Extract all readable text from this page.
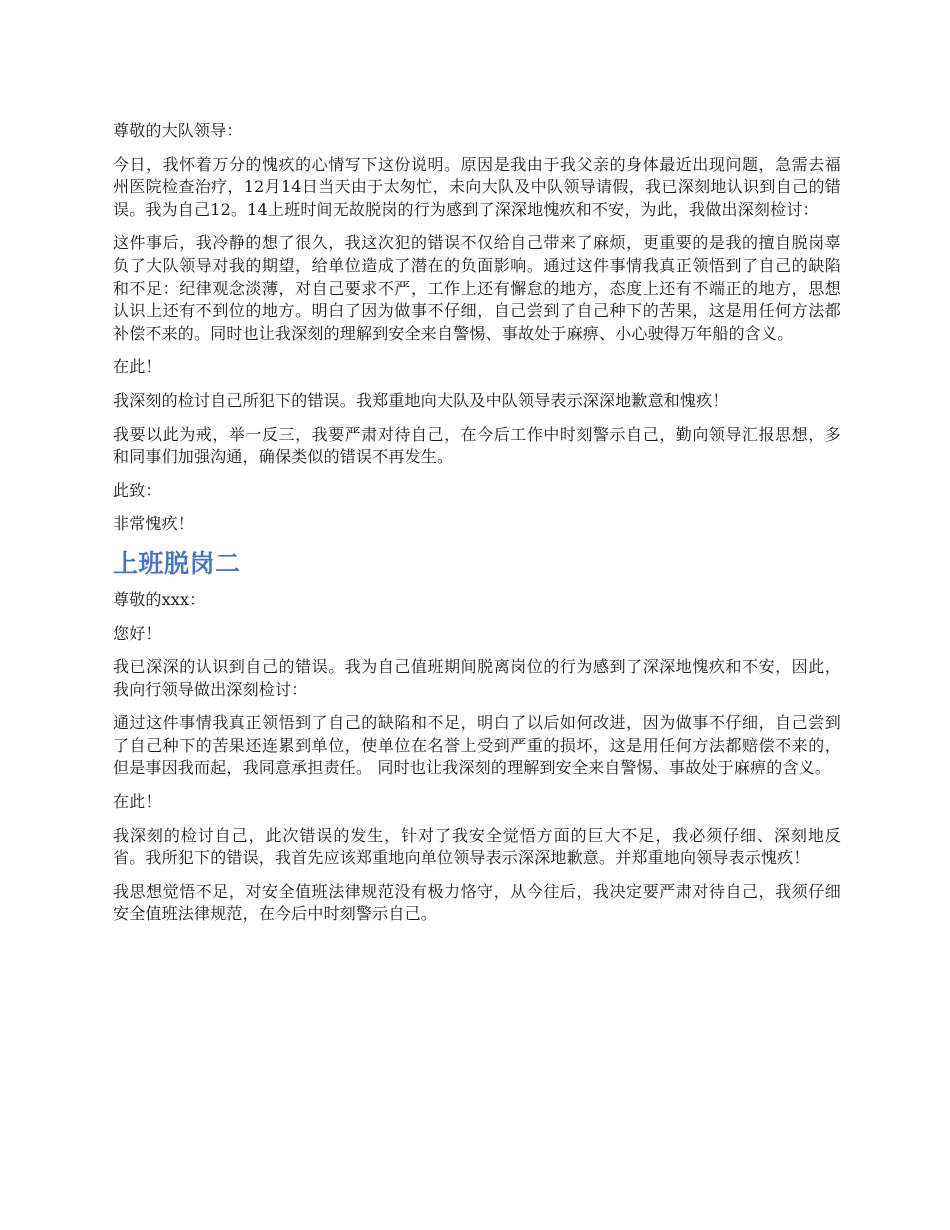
尊敬的大队领导：

今日，我怀着万分的愧疚的心情写下这份说明。原因是我由于我父亲的身体最近出现问题，急需去福州医院检查治疗，12月14日当天由于太匆忙，未向大队及中队领导请假，我已深刻地认识到自己的错误。我为自己12。14上班时间无故脱岗的行为感到了深深地愧疚和不安，为此，我做出深刻检讨：

这件事后，我冷静的想了很久，我这次犯的错误不仅给自己带来了麻烦，更重要的是我的擅自脱岗辜负了大队领导对我的期望，给单位造成了潜在的负面影响。通过这件事情我真正领悟到了自己的缺陷和不足：纪律观念淡薄，对自己要求不严，工作上还有懈怠的地方，态度上还有不端正的地方，思想认识上还有不到位的地方。明白了因为做事不仔细，自己尝到了自己种下的苦果，这是用任何方法都补偿不来的。同时也让我深刻的理解到安全来自警惕、事故处于麻痹、小心驶得万年船的含义。

在此！

我深刻的检讨自己所犯下的错误。我郑重地向大队及中队领导表示深深地歉意和愧疚！

我要以此为戒，举一反三，我要严肃对待自己，在今后工作中时刻警示自己，勤向领导汇报思想，多和同事们加强沟通，确保类似的错误不再发生。

此致：

非常愧疚！

上班脱岗二

尊敬的xxx：

您好！

我已深深的认识到自己的错误。我为自己值班期间脱离岗位的行为感到了深深地愧疚和不安，因此，我向行领导做出深刻检讨：

通过这件事情我真正领悟到了自己的缺陷和不足，明白了以后如何改进，因为做事不仔细，自己尝到了自己种下的苦果还连累到单位，使单位在名誉上受到严重的损坏，这是用任何方法都赔偿不来的，但是事因我而起，我同意承担责任。 同时也让我深刻的理解到安全来自警惕、事故处于麻痹的含义。

在此！

我深刻的检讨自己，此次错误的发生，针对了我安全觉悟方面的巨大不足，我必须仔细、深刻地反省。我所犯下的错误，我首先应该郑重地向单位领导表示深深地歉意。并郑重地向领导表示愧疚！

我思想觉悟不足，对安全值班法律规范没有极力恪守，从今往后，我决定要严肃对待自己，我须仔细安全值班法律规范，在今后中时刻警示自己。
